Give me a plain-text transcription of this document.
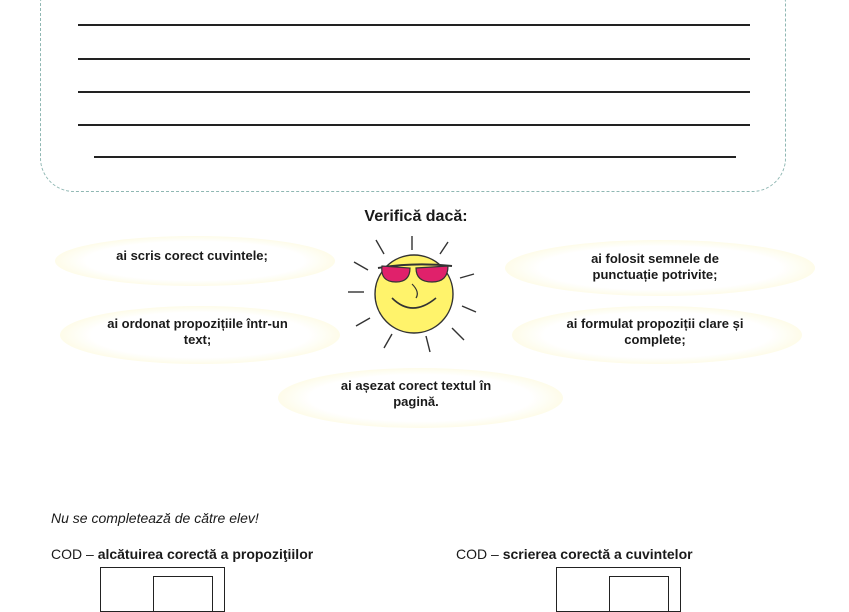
Verifică dacă:
ai scris corect cuvintele;	ai folosit semnele de punctuație potrivite;
ai ordonat propozițiile într-un text;
ai formulat propoziții clare și complete;
ai așezat corect textul în pagină.
Nu se completează de către elev!
COD – alcătuirea corectă a propoziţiilor	COD – scrierea corectă a cuvintelor
